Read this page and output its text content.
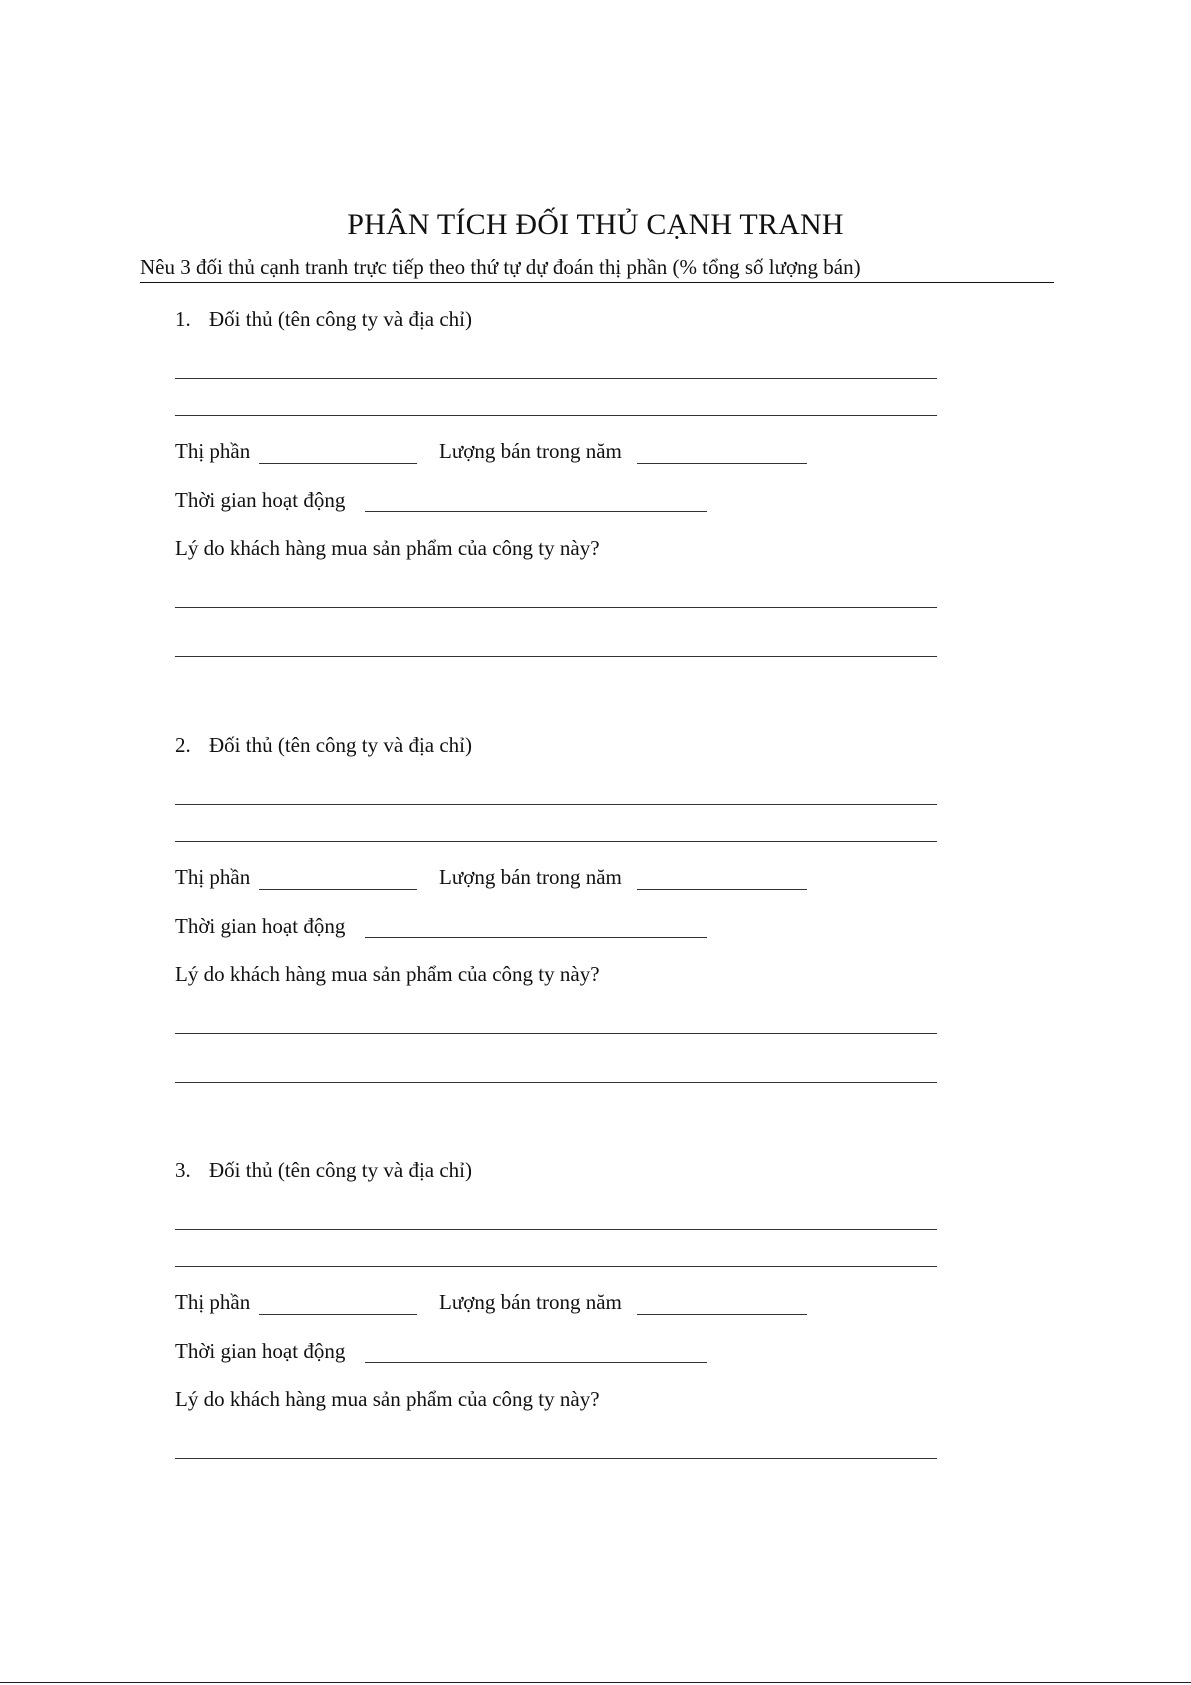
PHÂN TÍCH ĐỐI THỦ CẠNH TRANH
Nêu 3 đối thủ cạnh tranh trực tiếp theo thứ tự dự đoán thị phần (% tổng số lượng bán)
1. Đối thủ (tên công ty và địa chỉ)
Thị phần	Lượng bán trong năm
Thời gian hoạt động
Lý do khách hàng mua sản phẩm của công ty này?
2. Đối thủ (tên công ty và địa chỉ)
Thị phần	Lượng bán trong năm
Thời gian hoạt động
Lý do khách hàng mua sản phẩm của công ty này?
3. Đối thủ (tên công ty và địa chỉ)
Thị phần	Lượng bán trong năm
Thời gian hoạt động
Lý do khách hàng mua sản phẩm của công ty này?
